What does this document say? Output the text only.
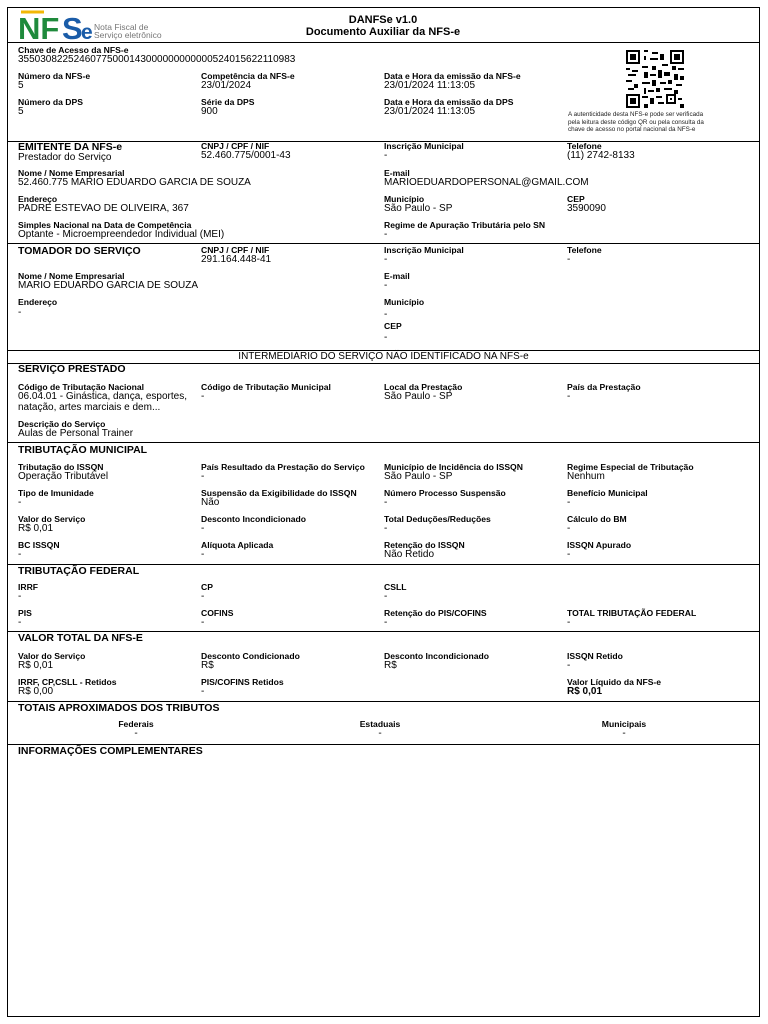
NF S
e Nota Fiscal de
Serviço eletrônico
DANFSe v1.0
Documento Auxiliar da NFS-e
Chave de Acesso da NFS-e
35503082252460775000143000000000000524015622110983
Número da NFS-e
5
Competência da NFS-e
23/01/2024
Data e Hora da emissão da NFS-e
23/01/2024 11:13:05
Número da DPS
5
Série da DPS
900
Data e Hora da emissão da DPS
23/01/2024 11:13:05	A autenticidade desta NFS-e pode ser verificada
pela leitura deste código QR ou pela consulta da
chave de acesso no portal nacional da NFS-e
EMITENTE DA NFS-e
Prestador do Serviço
CNPJ / CPF / NIF
52.460.775/0001-43
Inscrição Municipal
-
Telefone
(11) 2742-8133
Nome / Nome Empresarial
52.460.775 MARIO EDUARDO GARCIA DE SOUZA
E-mail
MARIOEDUARDOPERSONAL@GMAIL.COM
Endereço
PADRE ESTEVAO DE OLIVEIRA, 367
Município
São Paulo - SP
CEP
3590090
Simples Nacional na Data de Competência
Optante - Microempreendedor Individual (MEI)
Regime de Apuração Tributária pelo SN
-
TOMADOR DO SERVIÇO	CNPJ / CPF / NIF
291.164.448-41
Inscrição Municipal
-
Telefone
-
Nome / Nome Empresarial
MARIO EDUARDO GARCIA DE SOUZA
E-mail
-
Endereço
-
Município
-
CEP
-
INTERMEDIÁRIO DO SERVIÇO NÃO IDENTIFICADO NA NFS-e
SERVIÇO PRESTADO
Código de Tributação Nacional
06.04.01 - Ginástica, dança, esportes,
natação, artes marciais e dem...
Código de Tributação Municipal
-
Local da Prestação
São Paulo - SP
País da Prestação
-
Descrição do Serviço
Aulas de Personal Trainer
TRIBUTAÇÃO MUNICIPAL
Tributação do ISSQN
Operação Tributável
País Resultado da Prestação do Serviço
-
Município de Incidência do ISSQN
São Paulo - SP
Regime Especial de Tributação
Nenhum
Tipo de Imunidade
-
Suspensão da Exigibilidade do ISSQN
Não
Número Processo Suspensão
-
Benefício Municipal
-
Valor do Serviço
R$ 0,01
Desconto Incondicionado
-
Total Deduções/Reduções
-
Cálculo do BM
-
BC ISSQN
-
Alíquota Aplicada
-
Retenção do ISSQN
Não Retido
ISSQN Apurado
-
TRIBUTAÇÃO FEDERAL
IRRF
-
CP
-
CSLL
-
PIS
-
COFINS
-
Retenção do PIS/COFINS
-
TOTAL TRIBUTAÇÃO FEDERAL
-
VALOR TOTAL DA NFS-E
Valor do Serviço
R$ 0,01
Desconto Condicionado
R$
Desconto Incondicionado
R$
ISSQN Retido
-
IRRF, CP,CSLL - Retidos
R$ 0,00
PIS/COFINS Retidos
-
Valor Líquido da NFS-e
R$ 0,01
TOTAIS APROXIMADOS DOS TRIBUTOS
Federais
-
Estaduais
-
Municipais
-
INFORMAÇÕES COMPLEMENTARES
